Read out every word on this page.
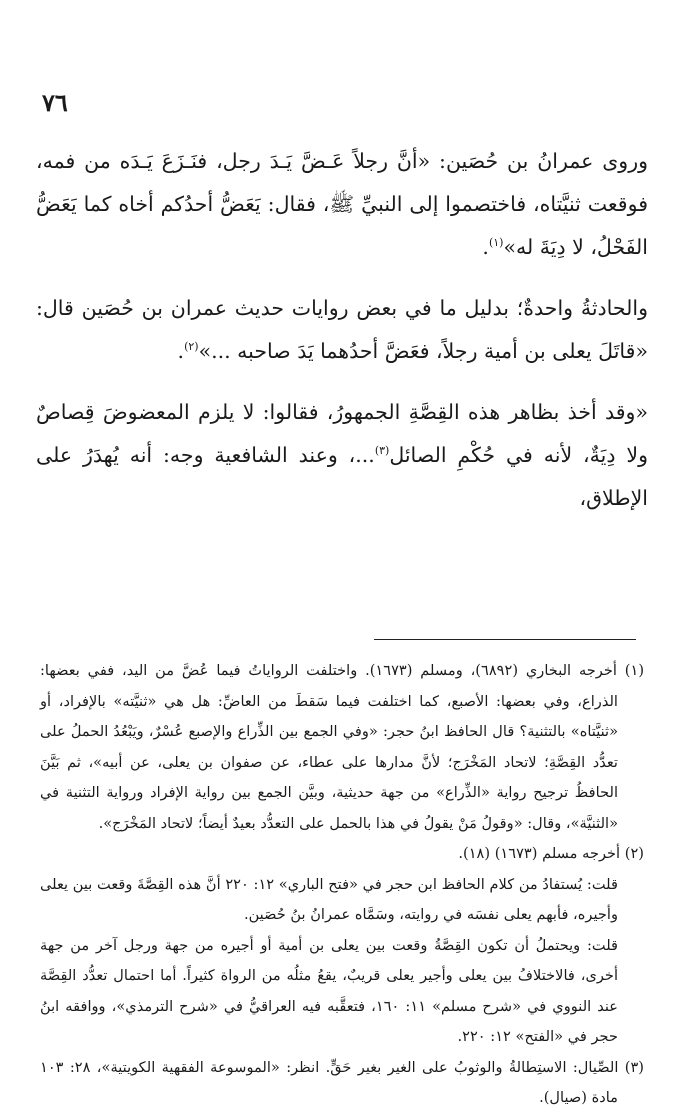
٧٦

وروى عمرانُ بن حُصَين: «أنَّ رجلاً عَـضَّ يَـدَ رجل، فنَـزَعَ يَـدَه من فمه، فوقعت ثنيَّتاه، فاختصموا إلى النبيِّ ﷺ، فقال: يَعَضُّ أحدُكم أخاه كما يَعَضُّ الفَحْلُ، لا دِيَةَ له»$^{(١)}$.

والحادثةُ واحدةٌ؛ بدليل ما في بعض روايات حديث عمران بن حُصَين قال: «قاتَلَ يعلى بن أمية رجلاً، فعَضَّ أحدُهما يَدَ صاحبه ...»$^{(٢)}$.

«وقد أخذ بظاهر هذه القِصَّةِ الجمهورُ، فقالوا: لا يلزم المعضوضَ قِصاصٌ ولا دِيَةٌ، لأنه في حُكْمِ الصائل$^{(٣)}$...، وعند الشافعية وجه: أنه يُهدَرُ على الإطلاق،

(١) أخرجه البخاري (٦٨٩٢)، ومسلم (١٦٧٣). واختلفت الرواياتُ فيما عُضَّ من اليد، ففي بعضها: الذراع، وفي بعضها: الأصبع، كما اختلفت فيما سَقطَ من العاضِّ: هل هي «ثنيَّته» بالإفراد، أو «ثنيَّتاه» بالتثنية؟ قال الحافظ ابنُ حجر: «وفي الجمع بين الذِّراع والإصبع عُسْرٌ، ويَبْعُدُ الحملُ على تعدُّد القِصَّةِ؛ لاتحاد المَخْرَج؛ لأنَّ مدارها على عطاء، عن صفوان بن يعلى، عن أبيه»، ثم بَيَّنَ الحافظُ ترجيح رواية «الذِّراع» من جهة حديثية، وبيَّن الجمع بين رواية الإفراد ورواية التثنية في «الثنيَّة»، وقال: «وقولُ مَنْ يقولُ في هذا بالحمل على التعدُّد بعيدٌ أيضاً؛ لاتحاد المَخْرَج».

(٢) أخرجه مسلم (١٦٧٣) (١٨).

قلت: يُستفادُ من كلام الحافظ ابن حجر في «فتح الباري» ١٢: ٢٢٠ أنَّ هذه القِصَّةَ وقعت بين يعلى وأجيره، فأبهم يعلى نفسَه في روايته، وسَمَّاه عمرانُ بنُ حُصَين.

قلت: ويحتملُ أن تكون القِصَّةُ وقعت بين يعلى بن أمية أو أجيره من جهة ورجل آخر من جهة أخرى، فالاختلافُ بين يعلى وأجير يعلى قريبٌ، يقعُ مثلُه من الرواة كثيراً. أما احتمال تعدُّد القِصَّة عند النووي في «شرح مسلم» ١١: ١٦٠، فتعقَّبه فيه العراقيُّ في «شرح الترمذي»، ووافقه ابنُ حجر في «الفتح» ١٢: ٢٢٠.

(٣) الصِّيال: الاستِطالةُ والوثوبُ على الغير بغير حَقٍّ. انظر: «الموسوعة الفقهية الكويتية»، ٢٨: ١٠٣ مادة (صيال).
